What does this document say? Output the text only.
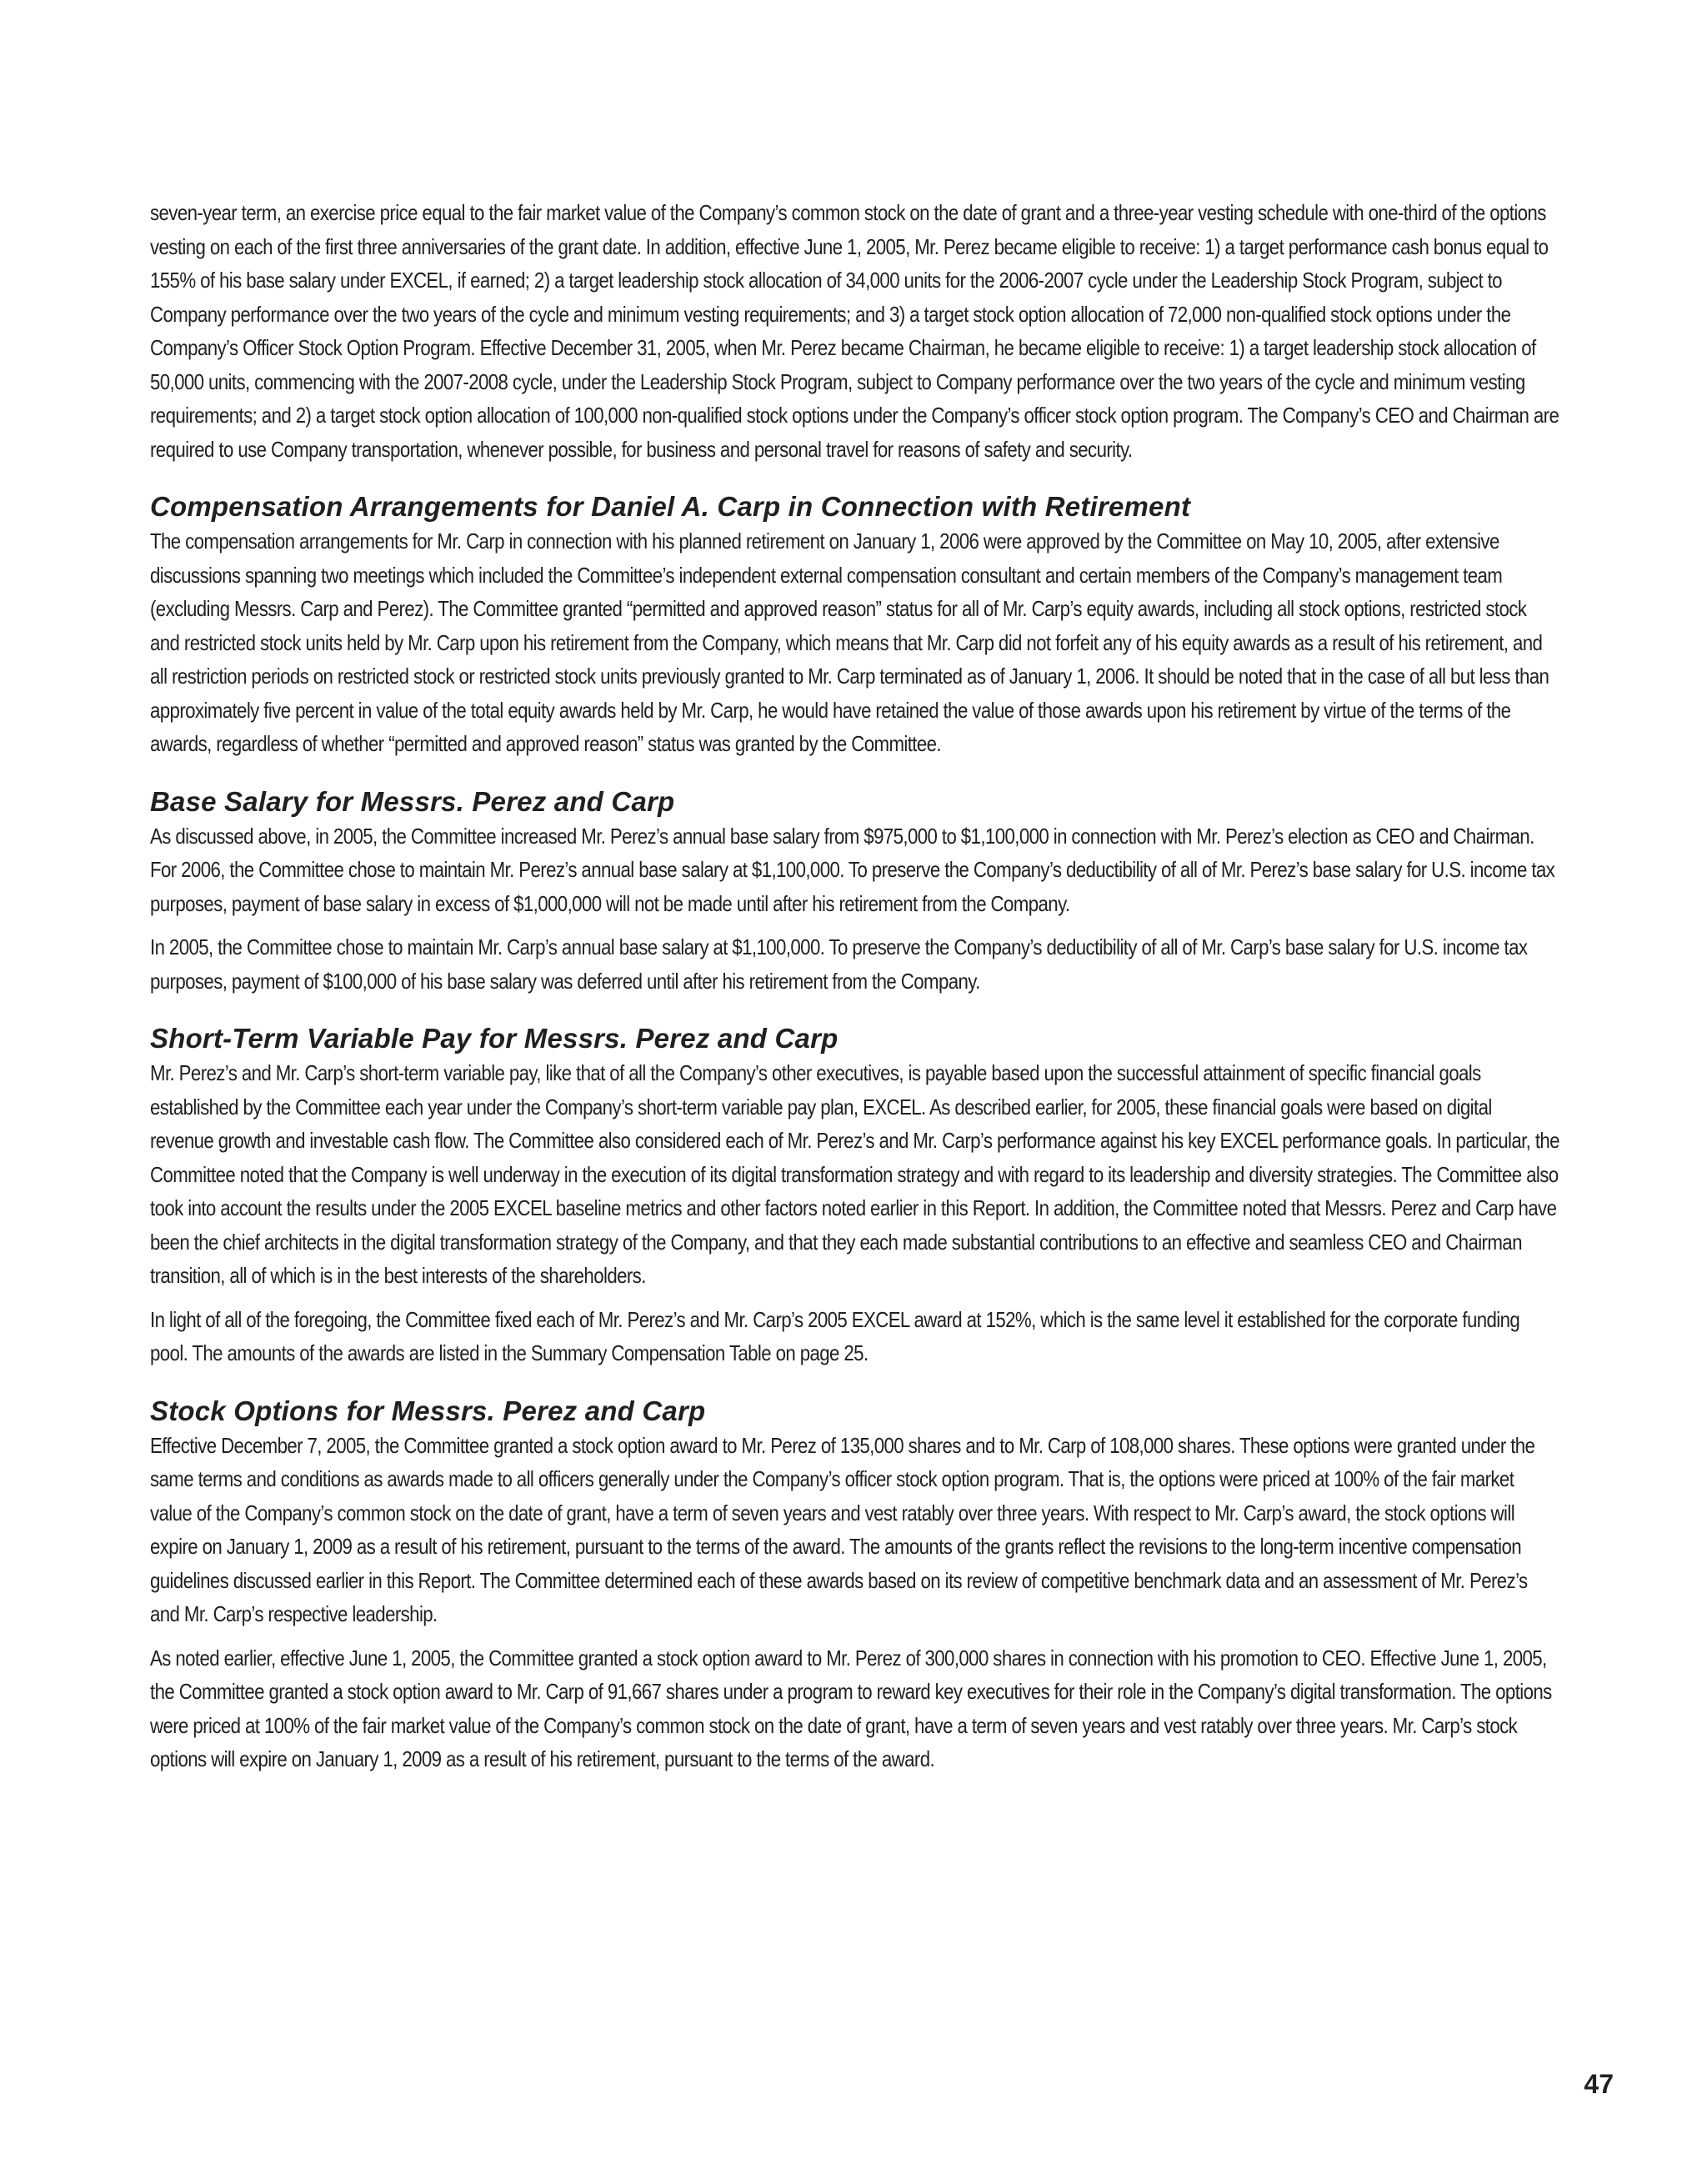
seven-year term, an exercise price equal to the fair market value of the Company’s common stock on the date of grant and a three-year vesting schedule with one-third of the options vesting on each of the first three anniversaries of the grant date. In addition, effective June 1, 2005, Mr. Perez became eligible to receive: 1) a target performance cash bonus equal to 155% of his base salary under EXCEL, if earned; 2) a target leadership stock allocation of 34,000 units for the 2006-2007 cycle under the Leadership Stock Program, subject to Company performance over the two years of the cycle and minimum vesting requirements; and 3) a target stock option allocation of 72,000 non-qualified stock options under the Company’s Officer Stock Option Program. Effective December 31, 2005, when Mr. Perez became Chairman, he became eligible to receive: 1) a target leadership stock allocation of 50,000 units, commencing with the 2007-2008 cycle, under the Leadership Stock Program, subject to Company performance over the two years of the cycle and minimum vesting requirements; and 2) a target stock option allocation of 100,000 non-qualified stock options under the Company’s officer stock option program. The Company’s CEO and Chairman are required to use Company transportation, whenever possible, for business and personal travel for reasons of safety and security.

Compensation Arrangements for Daniel A. Carp in Connection with Retirement

The compensation arrangements for Mr. Carp in connection with his planned retirement on January 1, 2006 were approved by the Committee on May 10, 2005, after extensive discussions spanning two meetings which included the Committee’s independent external compensation consultant and certain members of the Company’s management team (excluding Messrs. Carp and Perez). The Committee granted “permitted and approved reason” status for all of Mr. Carp’s equity awards, including all stock options, restricted stock and restricted stock units held by Mr. Carp upon his retirement from the Company, which means that Mr. Carp did not forfeit any of his equity awards as a result of his retirement, and all restriction periods on restricted stock or restricted stock units previously granted to Mr. Carp terminated as of January 1, 2006. It should be noted that in the case of all but less than approximately five percent in value of the total equity awards held by Mr. Carp, he would have retained the value of those awards upon his retirement by virtue of the terms of the awards, regardless of whether “permitted and approved reason” status was granted by the Committee.

Base Salary for Messrs. Perez and Carp

As discussed above, in 2005, the Committee increased Mr. Perez’s annual base salary from $975,000 to $1,100,000 in connection with Mr. Perez’s election as CEO and Chairman. For 2006, the Committee chose to maintain Mr. Perez’s annual base salary at $1,100,000. To preserve the Company’s deductibility of all of Mr. Perez’s base salary for U.S. income tax purposes, payment of base salary in excess of $1,000,000 will not be made until after his retirement from the Company.

In 2005, the Committee chose to maintain Mr. Carp’s annual base salary at $1,100,000. To preserve the Company’s deductibility of all of Mr. Carp’s base salary for U.S. income tax purposes, payment of $100,000 of his base salary was deferred until after his retirement from the Company.

Short-Term Variable Pay for Messrs. Perez and Carp

Mr. Perez’s and Mr. Carp’s short-term variable pay, like that of all the Company’s other executives, is payable based upon the successful attainment of specific financial goals established by the Committee each year under the Company’s short-term variable pay plan, EXCEL. As described earlier, for 2005, these financial goals were based on digital revenue growth and investable cash flow. The Committee also considered each of Mr. Perez’s and Mr. Carp’s performance against his key EXCEL performance goals. In particular, the Committee noted that the Company is well underway in the execution of its digital transformation strategy and with regard to its leadership and diversity strategies. The Committee also took into account the results under the 2005 EXCEL baseline metrics and other factors noted earlier in this Report. In addition, the Committee noted that Messrs. Perez and Carp have been the chief architects in the digital transformation strategy of the Company, and that they each made substantial contributions to an effective and seamless CEO and Chairman transition, all of which is in the best interests of the shareholders.

In light of all of the foregoing, the Committee fixed each of Mr. Perez’s and Mr. Carp’s 2005 EXCEL award at 152%, which is the same level it established for the corporate funding pool. The amounts of the awards are listed in the Summary Compensation Table on page 25.

Stock Options for Messrs. Perez and Carp

Effective December 7, 2005, the Committee granted a stock option award to Mr. Perez of 135,000 shares and to Mr. Carp of 108,000 shares. These options were granted under the same terms and conditions as awards made to all officers generally under the Company’s officer stock option program. That is, the options were priced at 100% of the fair market value of the Company’s common stock on the date of grant, have a term of seven years and vest ratably over three years. With respect to Mr. Carp’s award, the stock options will expire on January 1, 2009 as a result of his retirement, pursuant to the terms of the award. The amounts of the grants reflect the revisions to the long-term incentive compensation guidelines discussed earlier in this Report. The Committee determined each of these awards based on its review of competitive benchmark data and an assessment of Mr. Perez’s and Mr. Carp’s respective leadership.

As noted earlier, effective June 1, 2005, the Committee granted a stock option award to Mr. Perez of 300,000 shares in connection with his promotion to CEO. Effective June 1, 2005, the Committee granted a stock option award to Mr. Carp of 91,667 shares under a program to reward key executives for their role in the Company’s digital transformation. The options were priced at 100% of the fair market value of the Company’s common stock on the date of grant, have a term of seven years and vest ratably over three years. Mr. Carp’s stock options will expire on January 1, 2009 as a result of his retirement, pursuant to the terms of the award.

47
